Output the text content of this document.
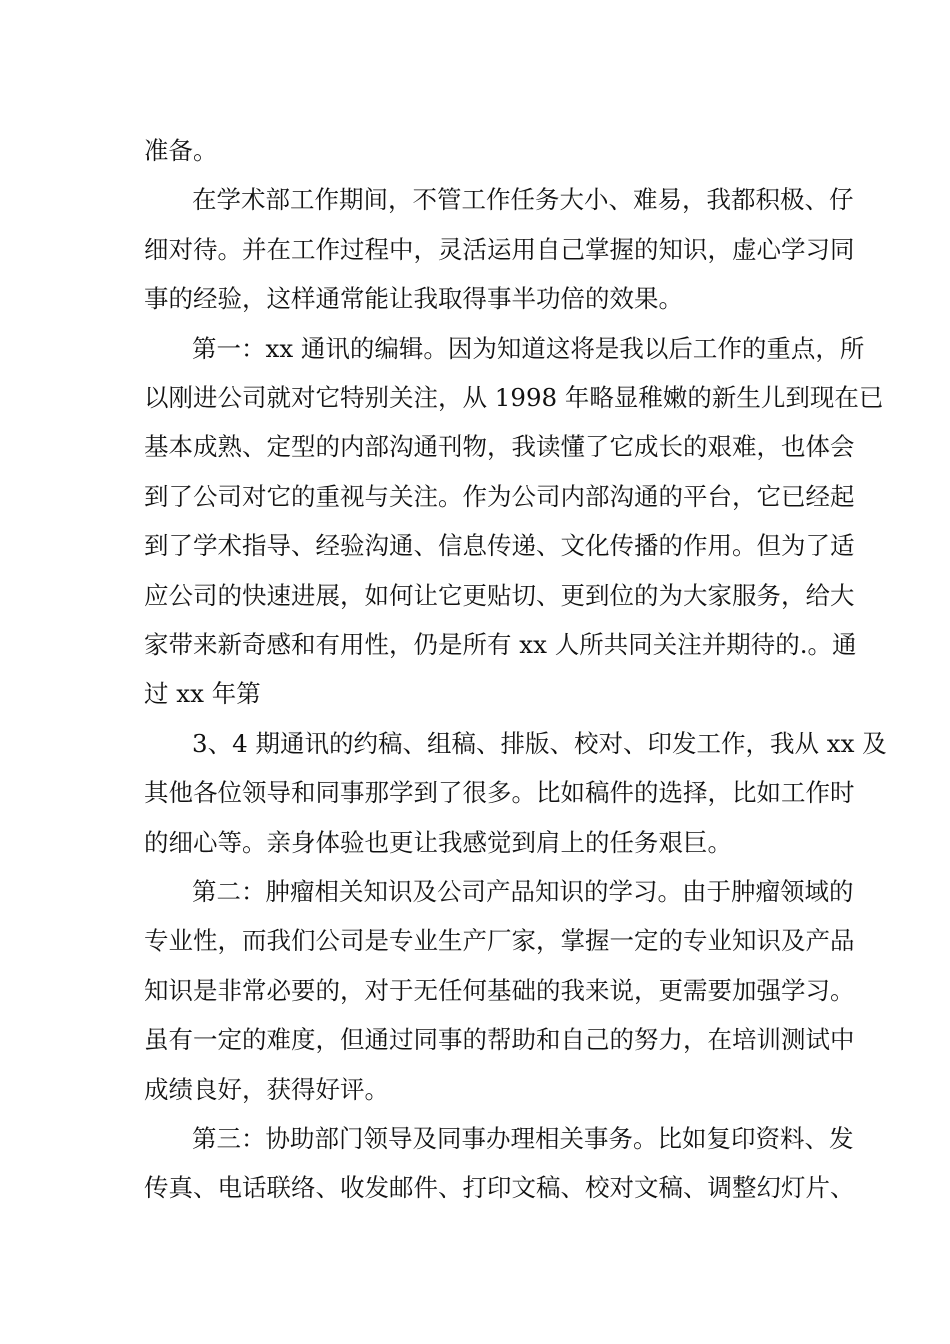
准备。
在学术部工作期间，不管工作任务大小、难易，我都积极、仔
细对待。并在工作过程中，灵活运用自己掌握的知识，虚心学习同
事的经验，这样通常能让我取得事半功倍的效果。
第一：xx 通讯的编辑。因为知道这将是我以后工作的重点，所
以刚进公司就对它特别关注，从 1998 年略显稚嫩的新生儿到现在已
基本成熟、定型的内部沟通刊物，我读懂了它成长的艰难，也体会
到了公司对它的重视与关注。作为公司内部沟通的平台，它已经起
到了学术指导、经验沟通、信息传递、文化传播的作用。但为了适
应公司的快速进展，如何让它更贴切、更到位的为大家服务，给大
家带来新奇感和有用性，仍是所有 xx 人所共同关注并期待的.。通
过 xx 年第
3、4 期通讯的约稿、组稿、排版、校对、印发工作，我从 xx 及
其他各位领导和同事那学到了很多。比如稿件的选择，比如工作时
的细心等。亲身体验也更让我感觉到肩上的任务艰巨。
第二：肿瘤相关知识及公司产品知识的学习。由于肿瘤领域的
专业性，而我们公司是专业生产厂家，掌握一定的专业知识及产品
知识是非常必要的，对于无任何基础的我来说，更需要加强学习。
虽有一定的难度，但通过同事的帮助和自己的努力，在培训测试中
成绩良好，获得好评。
第三：协助部门领导及同事办理相关事务。比如复印资料、发
传真、电话联络、收发邮件、打印文稿、校对文稿、调整幻灯片、
